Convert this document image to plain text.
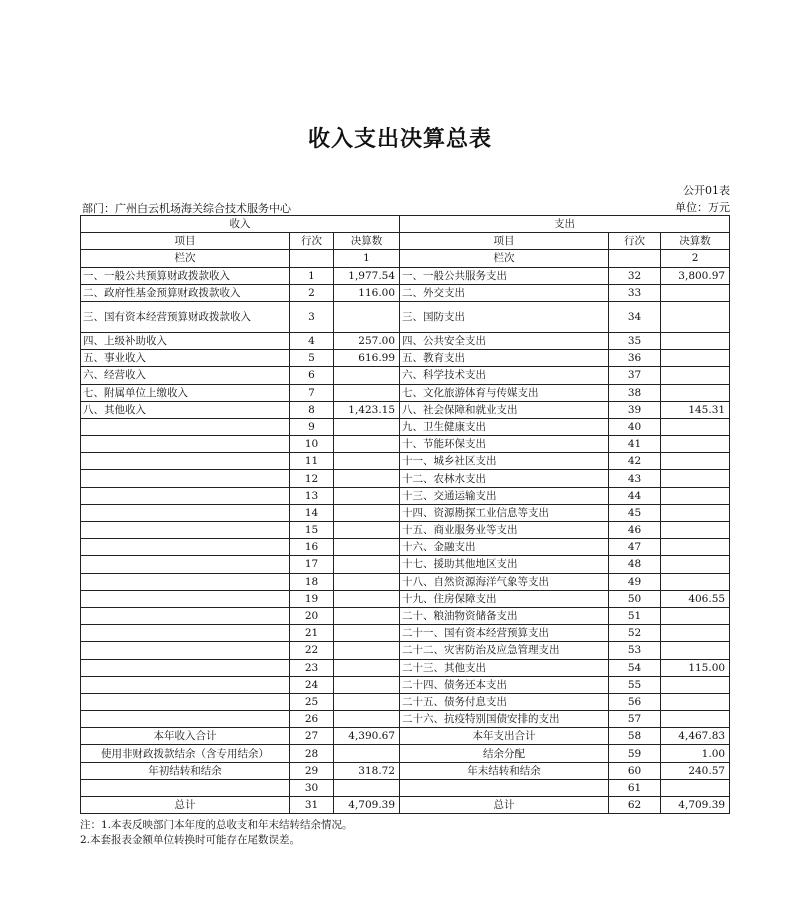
收入支出决算总表
公开01表
部门：广州白云机场海关综合技术服务中心	单位：万元
收入			支出		
项目	行次	决算数	项目	行次	决算数
栏次		1	栏次		2
一、一般公共预算财政拨款收入	1	1,977.54	一、一般公共服务支出	32	3,800.97
二、政府性基金预算财政拨款收入	2	116.00	二、外交支出	33	
三、国有资本经营预算财政拨款收入	3		三、国防支出	34	
四、上级补助收入	4	257.00	四、公共安全支出	35	
五、事业收入	5	616.99	五、教育支出	36	
六、经营收入	6		六、科学技术支出	37	
七、附属单位上缴收入	7		七、文化旅游体育与传媒支出	38	
八、其他收入	8	1,423.15	八、社会保障和就业支出	39	145.31
	9		九、卫生健康支出	40	
	10		十、节能环保支出	41	
	11		十一、城乡社区支出	42	
	12		十二、农林水支出	43	
	13		十三、交通运输支出	44	
	14		十四、资源勘探工业信息等支出	45	
	15		十五、商业服务业等支出	46	
	16		十六、金融支出	47	
	17		十七、援助其他地区支出	48	
	18		十八、自然资源海洋气象等支出	49	
	19		十九、住房保障支出	50	406.55
	20		二十、粮油物资储备支出	51	
	21		二十一、国有资本经营预算支出	52	
	22		二十二、灾害防治及应急管理支出	53	
	23		二十三、其他支出	54	115.00
	24		二十四、债务还本支出	55	
	25		二十五、债务付息支出	56	
	26		二十六、抗疫特别国债安排的支出	57	
本年收入合计	27	4,390.67	本年支出合计	58	4,467.83
使用非财政拨款结余（含专用结余）	28		结余分配	59	1.00
年初结转和结余	29	318.72	年末结转和结余	60	240.57
	30			61	
总计	31	4,709.39	总计	62	4,709.39
注：1.本表反映部门本年度的总收支和年末结转结余情况。
2.本套报表金额单位转换时可能存在尾数误差。
